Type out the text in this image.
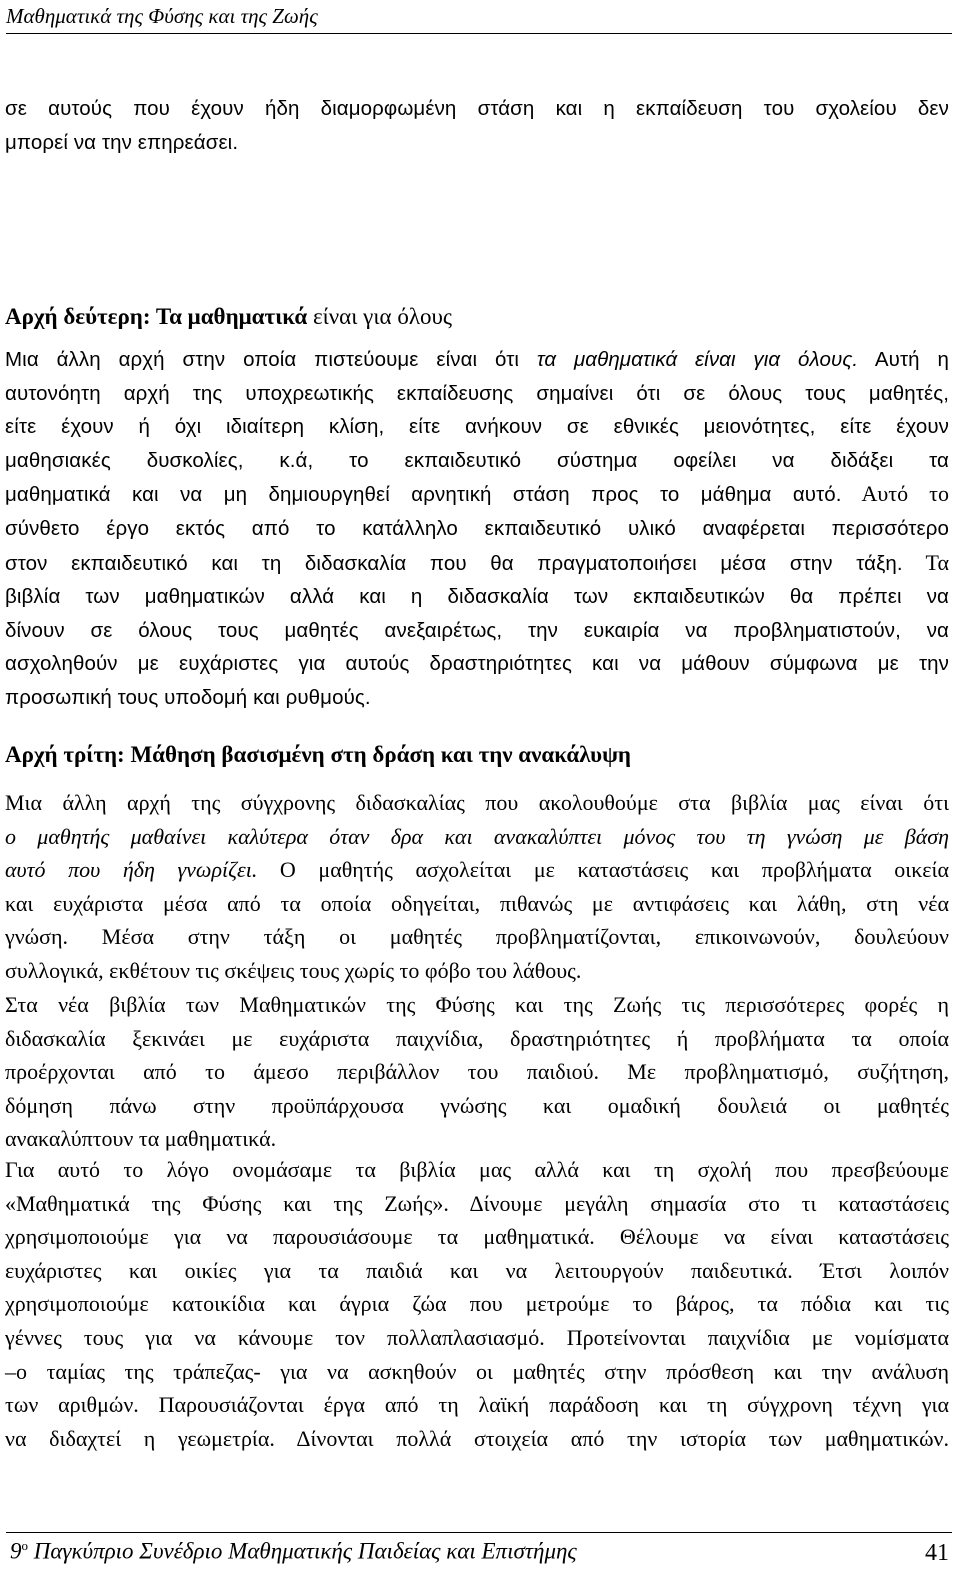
Μαθηματικά της Φύσης και της Ζωής
σε αυτούς που έχουν ήδη διαμορφωμένη στάση και η εκπαίδευση του σχολείου δεν
μπορεί να την επηρεάσει.
Αρχή δεύτερη: Τα μαθηματικά είναι για όλους
Μια άλλη αρχή στην οποία πιστεύουμε είναι ότι τα μαθηματικά είναι για όλους. Αυτή η
αυτονόητη αρχή της υποχρεωτικής εκπαίδευσης σημαίνει ότι σε όλους τους μαθητές,
είτε έχουν ή όχι ιδιαίτερη κλίση, είτε ανήκουν σε εθνικές μειονότητες, είτε έχουν
μαθησιακές δυσκολίες, κ.ά, το εκπαιδευτικό σύστημα οφείλει να διδάξει τα
μαθηματικά και να μη δημιουργηθεί αρνητική στάση προς το μάθημα αυτό. Αυτό το
σύνθετο έργο εκτός από το κατάλληλο εκπαιδευτικό υλικό αναφέρεται περισσότερο
στον εκπαιδευτικό και τη διδασκαλία που θα πραγματοποιήσει μέσα στην τάξη. Τα
βιβλία των μαθηματικών αλλά και η διδασκαλία των εκπαιδευτικών θα πρέπει να
δίνουν σε όλους τους μαθητές ανεξαιρέτως, την ευκαιρία να προβληματιστούν, να
ασχοληθούν με ευχάριστες για αυτούς δραστηριότητες και να μάθουν σύμφωνα με την
προσωπική τους υποδομή και ρυθμούς.
Αρχή τρίτη: Μάθηση βασισμένη στη δράση και την ανακάλυψη
Μια άλλη αρχή της σύγχρονης διδασκαλίας που ακολουθούμε στα βιβλία μας είναι ότι
ο μαθητής μαθαίνει καλύτερα όταν δρα και ανακαλύπτει μόνος του τη γνώση με βάση
αυτό που ήδη γνωρίζει. Ο μαθητής ασχολείται με καταστάσεις και προβλήματα οικεία
και ευχάριστα μέσα από τα οποία οδηγείται, πιθανώς με αντιφάσεις και λάθη, στη νέα
γνώση. Μέσα στην τάξη οι μαθητές προβληματίζονται, επικοινωνούν, δουλεύουν
συλλογικά, εκθέτουν τις σκέψεις τους χωρίς το φόβο του λάθους.
Στα νέα βιβλία των Μαθηματικών της Φύσης και της Ζωής τις περισσότερες φορές η
διδασκαλία ξεκινάει με ευχάριστα παιχνίδια, δραστηριότητες ή προβλήματα τα οποία
προέρχονται από το άμεσο περιβάλλον του παιδιού. Με προβληματισμό, συζήτηση,
δόμηση πάνω στην προϋπάρχουσα γνώσης και ομαδική δουλειά οι μαθητές
ανακαλύπτουν τα μαθηματικά.
Για αυτό το λόγο ονομάσαμε τα βιβλία μας αλλά και τη σχολή που πρεσβεύουμε
«Μαθηματικά της Φύσης και της Ζωής». Δίνουμε μεγάλη σημασία στο τι καταστάσεις
χρησιμοποιούμε για να παρουσιάσουμε τα μαθηματικά. Θέλουμε να είναι καταστάσεις
ευχάριστες και οικίες για τα παιδιά και να λειτουργούν παιδευτικά. Έτσι λοιπόν
χρησιμοποιούμε κατοικίδια και άγρια ζώα που μετρούμε το βάρος, τα πόδια και τις
γέννες τους για να κάνουμε τον πολλαπλασιασμό. Προτείνονται παιχνίδια με νομίσματα
–ο ταμίας της τράπεζας- για να ασκηθούν οι μαθητές στην πρόσθεση και την ανάλυση
των αριθμών. Παρουσιάζονται έργα από τη λαϊκή παράδοση και τη σύγχρονη τέχνη για
να διδαχτεί η γεωμετρία. Δίνονται πολλά στοιχεία από την ιστορία των μαθηματικών.
$9^o$ Παγκύπριο Συνέδριο Μαθηματικής Παιδείας και Επιστήμης	41
